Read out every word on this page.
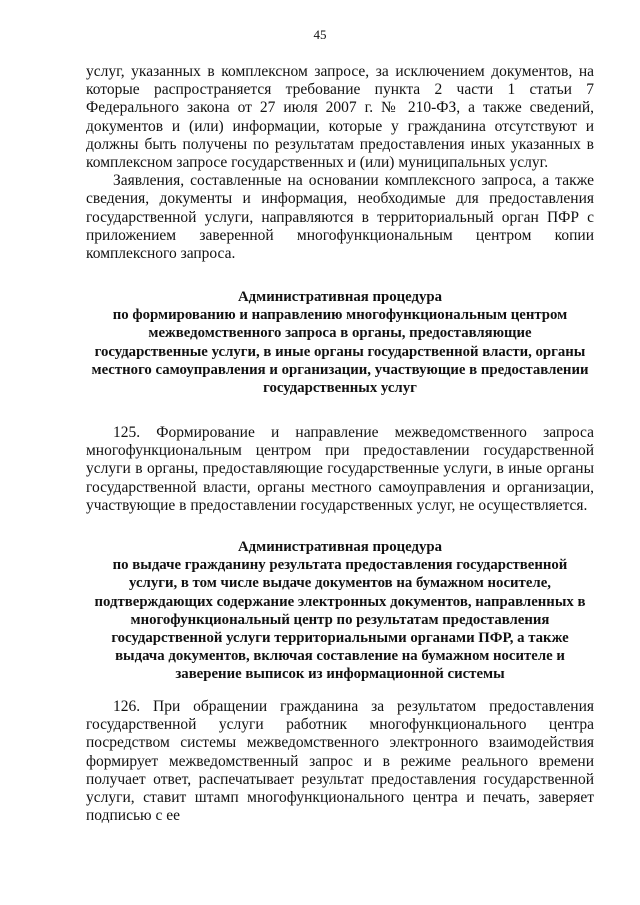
45

услуг, указанных в комплексном запросе, за исключением документов, на которые распространяется требование пункта 2 части 1 статьи 7 Федерального закона от 27 июля 2007 г. № 210-ФЗ, а также сведений, документов и (или) информации, которые у гражданина отсутствуют и должны быть получены по результатам предоставления иных указанных в комплексном запросе государственных и (или) муниципальных услуг.

Заявления, составленные на основании комплексного запроса, а также сведения, документы и информация, необходимые для предоставления государственной услуги, направляются в территориальный орган ПФР с приложением заверенной многофункциональным центром копии комплексного запроса.

Административная процедура
по формированию и направлению многофункциональным центром
межведомственного запроса в органы, предоставляющие
государственные услуги, в иные органы государственной власти, органы
местного самоуправления и организации, участвующие в предоставлении
государственных услуг

125. Формирование и направление межведомственного запроса многофункциональным центром при предоставлении государственной услуги в органы, предоставляющие государственные услуги, в иные органы государственной власти, органы местного самоуправления и организации, участвующие в предоставлении государственных услуг, не осуществляется.

Административная процедура
по выдаче гражданину результата предоставления государственной
услуги, в том числе выдаче документов на бумажном носителе,
подтверждающих содержание электронных документов, направленных в
многофункциональный центр по результатам предоставления
государственной услуги территориальными органами ПФР, а также
выдача документов, включая составление на бумажном носителе и
заверение выписок из информационной системы

126. При обращении гражданина за результатом предоставления государственной услуги работник многофункционального центра посредством системы межведомственного электронного взаимодействия формирует межведомственный запрос и в режиме реального времени получает ответ, распечатывает результат предоставления государственной услуги, ставит штамп многофункционального центра и печать, заверяет подписью с ее
